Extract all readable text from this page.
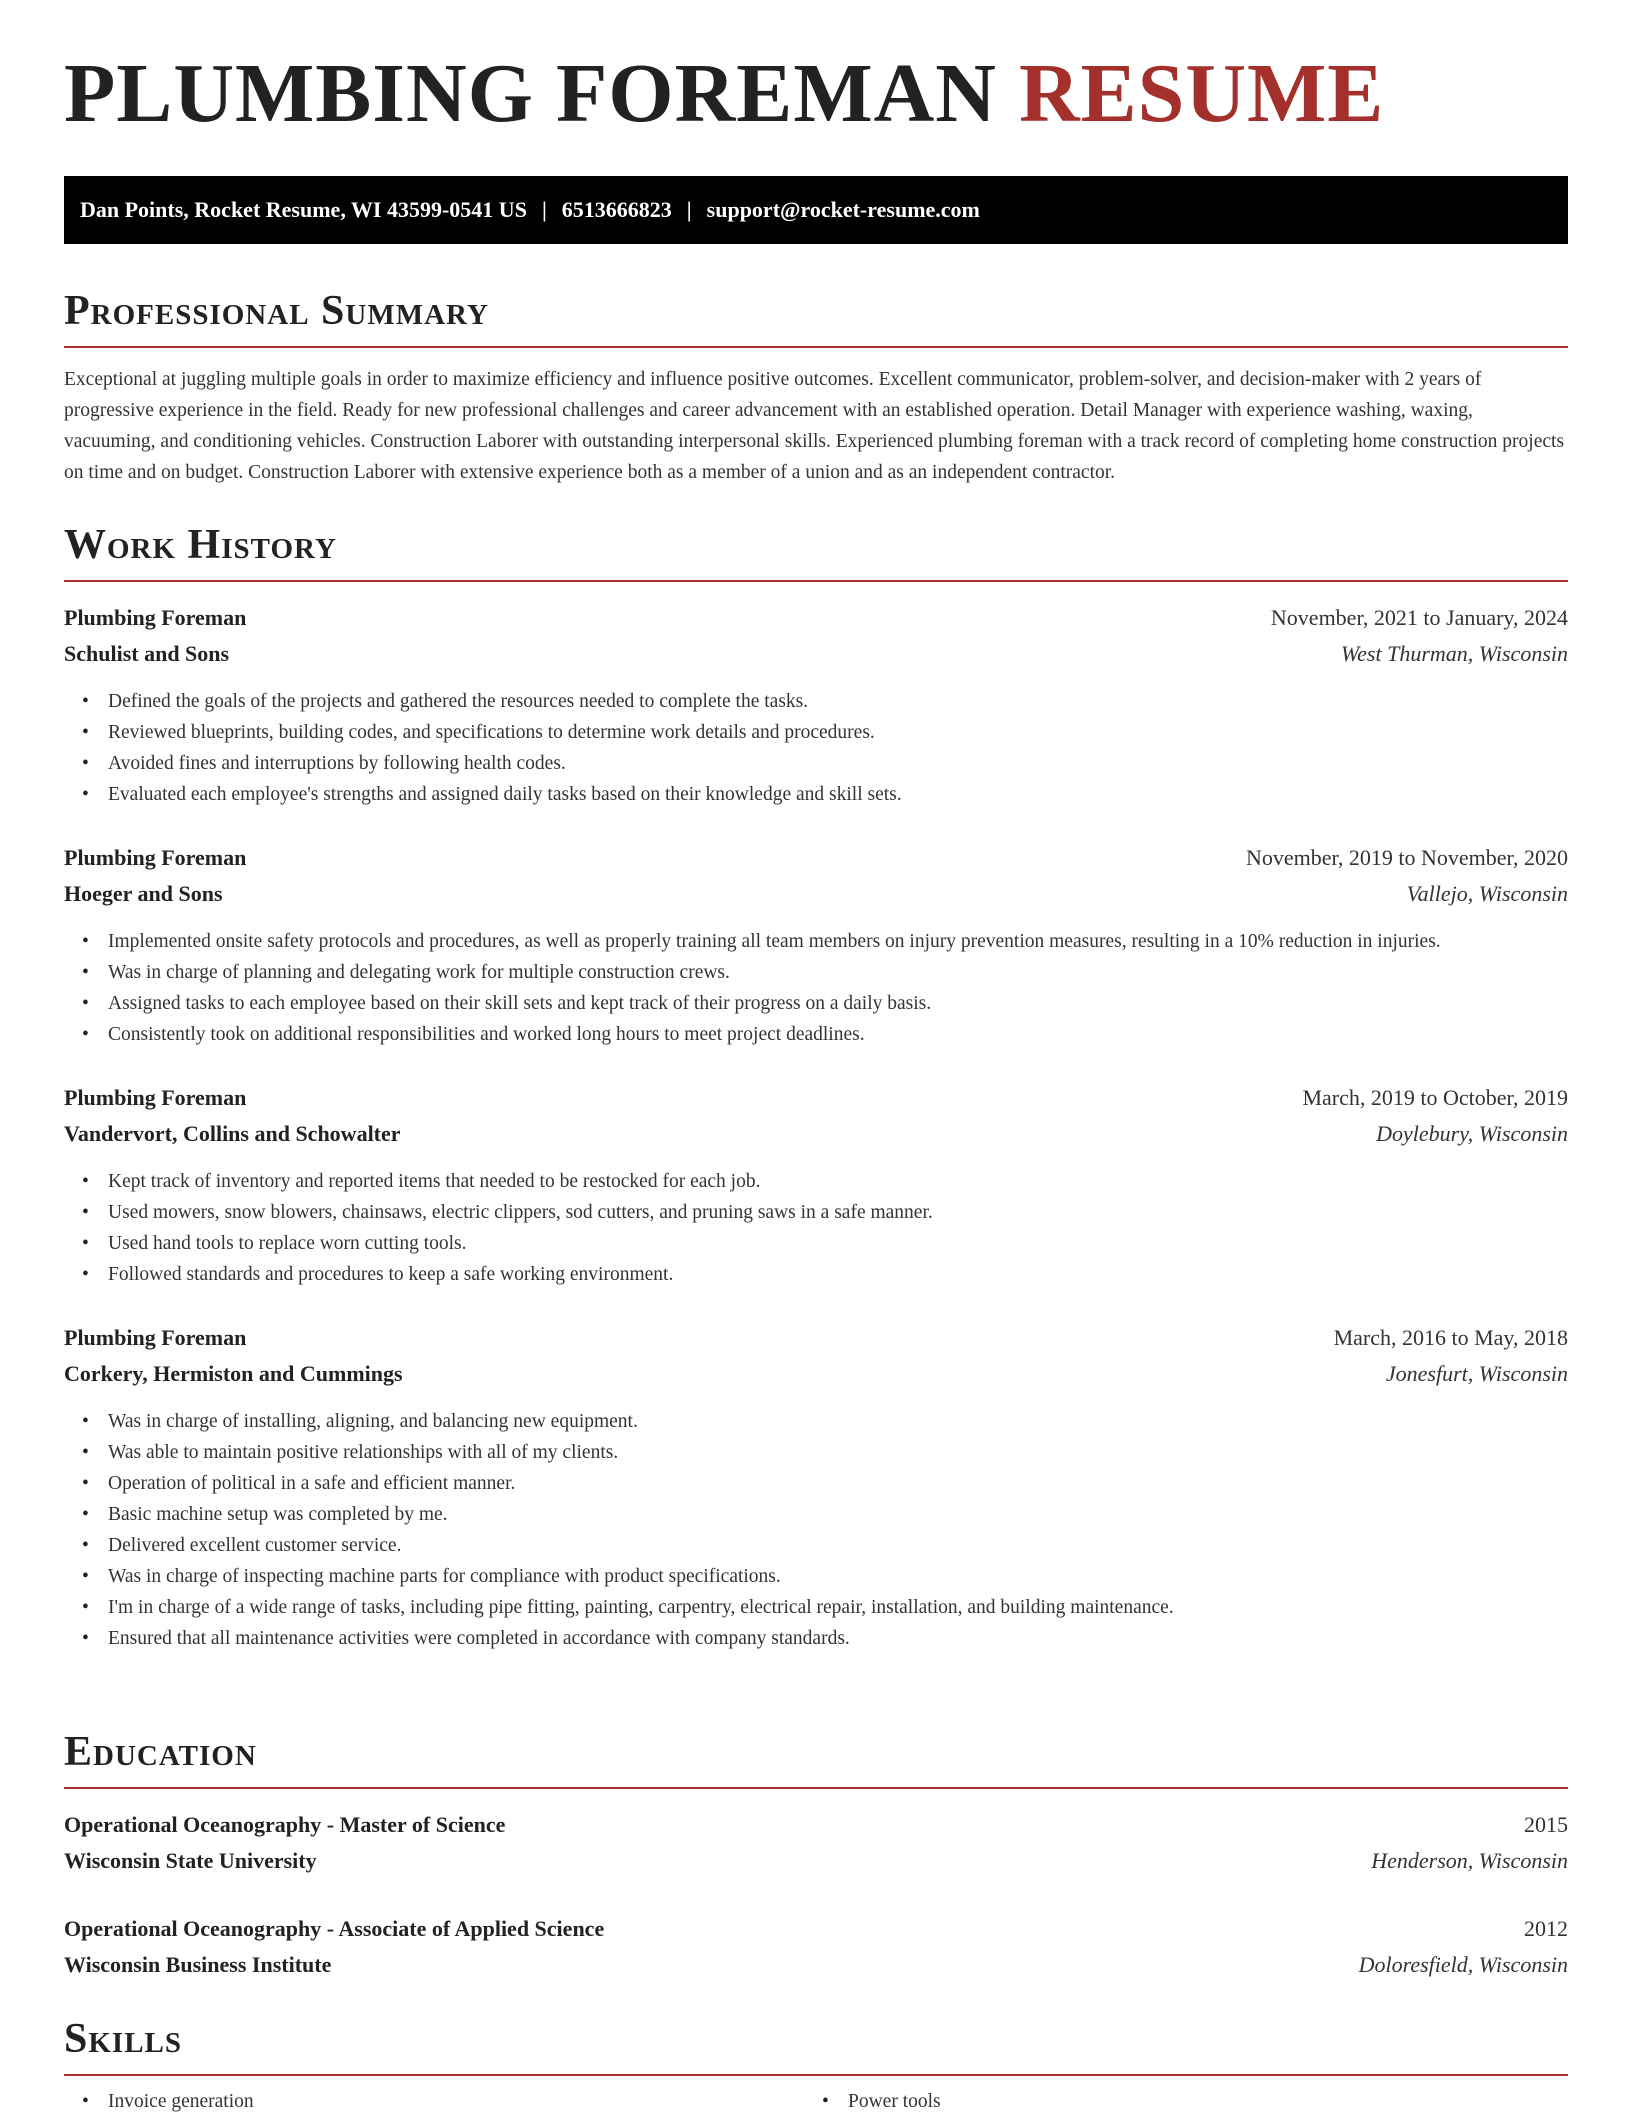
PLUMBING FOREMAN RESUME
Dan Points, Rocket Resume, WI 43599-0541 US | 6513666823 | support@rocket-resume.com
Professional Summary

Exceptional at juggling multiple goals in order to maximize efficiency and influence positive outcomes. Excellent communicator, problem-solver, and decision-maker with 2 years of progressive experience in the field. Ready for new professional challenges and career advancement with an established operation. Detail Manager with experience washing, waxing, vacuuming, and conditioning vehicles. Construction Laborer with outstanding interpersonal skills. Experienced plumbing foreman with a track record of completing home construction projects on time and on budget. Construction Laborer with extensive experience both as a member of a union and as an independent contractor.

Work History
Plumbing Foreman	November, 2021 to January, 2024
Schulist and Sons	West Thurman, Wisconsin
• Defined the goals of the projects and gathered the resources needed to complete the tasks.
• Reviewed blueprints, building codes, and specifications to determine work details and procedures.
• Avoided fines and interruptions by following health codes.
• Evaluated each employee's strengths and assigned daily tasks based on their knowledge and skill sets.
Plumbing Foreman	November, 2019 to November, 2020
Hoeger and Sons	Vallejo, Wisconsin
• Implemented onsite safety protocols and procedures, as well as properly training all team members on injury prevention measures, resulting in a 10% reduction in injuries.
• Was in charge of planning and delegating work for multiple construction crews.
• Assigned tasks to each employee based on their skill sets and kept track of their progress on a daily basis.
• Consistently took on additional responsibilities and worked long hours to meet project deadlines.
Plumbing Foreman	March, 2019 to October, 2019
Vandervort, Collins and Schowalter	Doylebury, Wisconsin
• Kept track of inventory and reported items that needed to be restocked for each job.
• Used mowers, snow blowers, chainsaws, electric clippers, sod cutters, and pruning saws in a safe manner.
• Used hand tools to replace worn cutting tools.
• Followed standards and procedures to keep a safe working environment.
Plumbing Foreman	March, 2016 to May, 2018
Corkery, Hermiston and Cummings	Jonesfurt, Wisconsin
• Was in charge of installing, aligning, and balancing new equipment.
• Was able to maintain positive relationships with all of my clients.
• Operation of political in a safe and efficient manner.
• Basic machine setup was completed by me.
• Delivered excellent customer service.
• Was in charge of inspecting machine parts for compliance with product specifications.
• I'm in charge of a wide range of tasks, including pipe fitting, painting, carpentry, electrical repair, installation, and building maintenance.
• Ensured that all maintenance activities were completed in accordance with company standards.
Education
Operational Oceanography - Master of Science	2015
Wisconsin State University	Henderson, Wisconsin
Operational Oceanography - Associate of Applied Science	2012
Wisconsin Business Institute	Doloresfield, Wisconsin
Skills
• Invoice generation
•	Power tools
